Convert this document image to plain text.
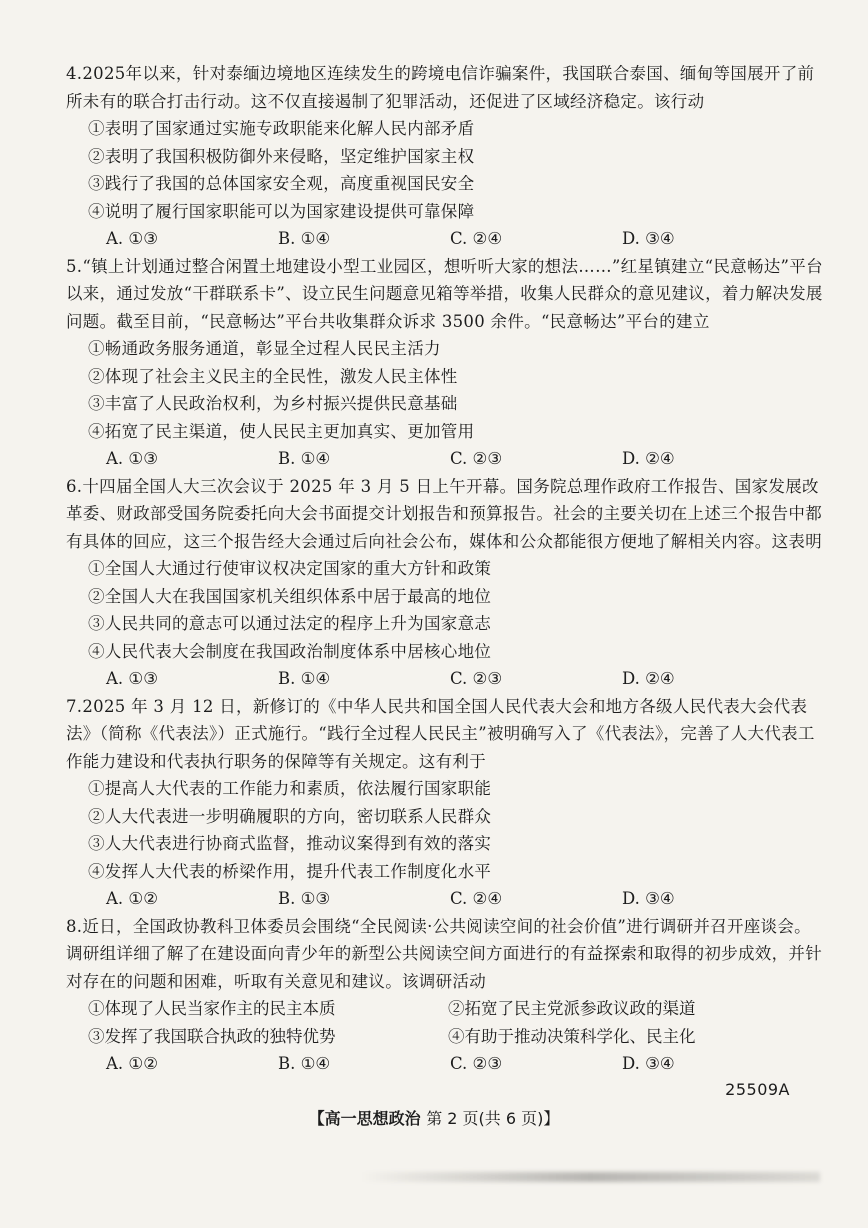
4.2025年以来，针对泰缅边境地区连续发生的跨境电信诈骗案件，我国联合泰国、缅甸等国展开了前所未有的联合打击行动。这不仅直接遏制了犯罪活动，还促进了区域经济稳定。该行动

①表明了国家通过实施专政职能来化解人民内部矛盾

②表明了我国积极防御外来侵略，坚定维护国家主权

③践行了我国的总体国家安全观，高度重视国民安全

④说明了履行国家职能可以为国家建设提供可靠保障

A. ①③	B. ①④	C. ②④	D. ③④

5.“镇上计划通过整合闲置土地建设小型工业园区，想听听大家的想法……”红星镇建立“民意畅达”平台以来，通过发放“干群联系卡”、设立民生问题意见箱等举措，收集人民群众的意见建议，着力解决发展问题。截至目前，“民意畅达”平台共收集群众诉求 3500 余件。“民意畅达”平台的建立

①畅通政务服务通道，彰显全过程人民民主活力

②体现了社会主义民主的全民性，激发人民主体性

③丰富了人民政治权利，为乡村振兴提供民意基础

④拓宽了民主渠道，使人民民主更加真实、更加管用

A. ①③	B. ①④	C. ②③	D. ②④

6.十四届全国人大三次会议于 2025 年 3 月 5 日上午开幕。国务院总理作政府工作报告、国家发展改革委、财政部受国务院委托向大会书面提交计划报告和预算报告。社会的主要关切在上述三个报告中都有具体的回应，这三个报告经大会通过后向社会公布，媒体和公众都能很方便地了解相关内容。这表明

①全国人大通过行使审议权决定国家的重大方针和政策

②全国人大在我国国家机关组织体系中居于最高的地位

③人民共同的意志可以通过法定的程序上升为国家意志

④人民代表大会制度在我国政治制度体系中居核心地位

A. ①③	B. ①④	C. ②③	D. ②④

7.2025 年 3 月 12 日，新修订的《中华人民共和国全国人民代表大会和地方各级人民代表大会代表法》（简称《代表法》）正式施行。“践行全过程人民民主”被明确写入了《代表法》，完善了人大代表工作能力建设和代表执行职务的保障等有关规定。这有利于

①提高人大代表的工作能力和素质，依法履行国家职能

②人大代表进一步明确履职的方向，密切联系人民群众

③人大代表进行协商式监督，推动议案得到有效的落实

④发挥人大代表的桥梁作用，提升代表工作制度化水平

A. ①②	B. ①③	C. ②④	D. ③④

8.近日，全国政协教科卫体委员会围绕“全民阅读·公共阅读空间的社会价值”进行调研并召开座谈会。调研组详细了解了在建设面向青少年的新型公共阅读空间方面进行的有益探索和取得的初步成效，并针对存在的问题和困难，听取有关意见和建议。该调研活动

①体现了人民当家作主的民主本质	②拓宽了民主党派参政议政的渠道
③发挥了我国联合执政的独特优势	④有助于推动决策科学化、民主化
A. ①②	B. ①④	C. ②③	D. ③④
25509A
【高一思想政治 第 2 页(共 6 页)】
